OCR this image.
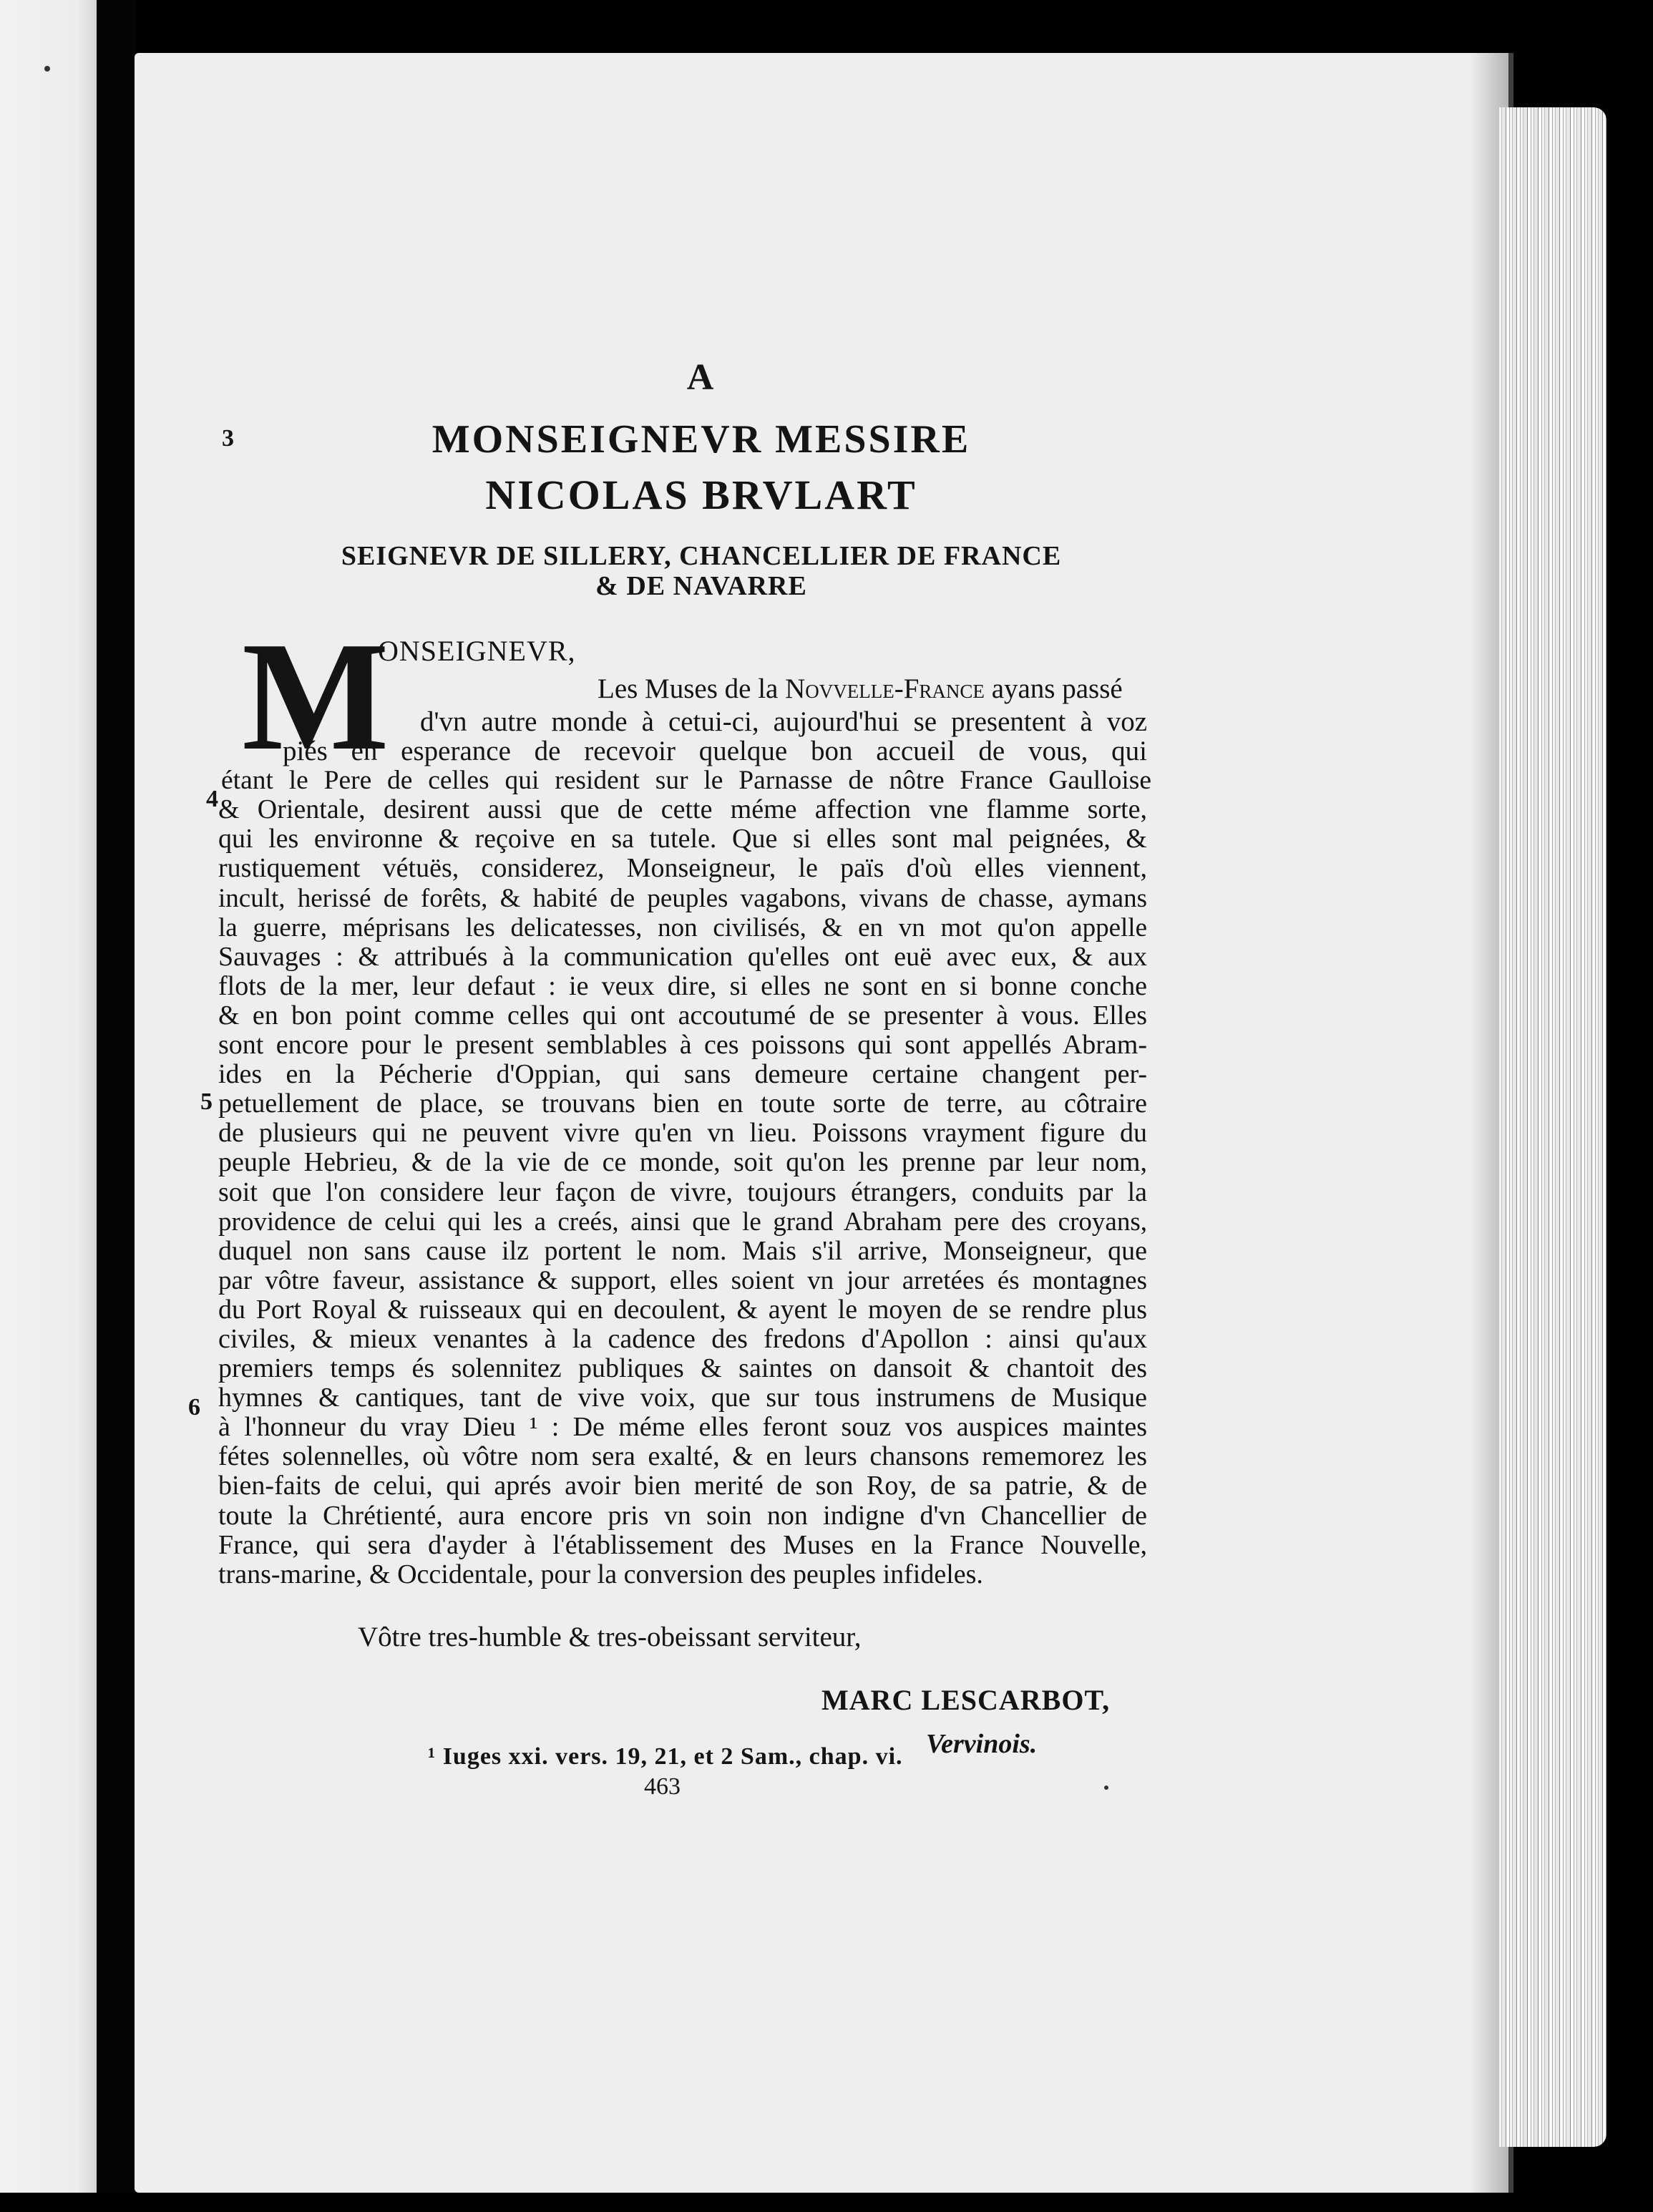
A
MONSEIGNEVR MESSIRE
NICOLAS BRVLART
SEIGNEVR DE SILLERY, CHANCELLIER DE FRANCE
& DE NAVARRE
3
4
5
6
M
ONSEIGNEVR,
Les Muses de la Novvelle-France ayans passé
d'vn autre monde à cetui-ci, aujourd'hui se presentent à voz
piés en esperance de recevoir quelque bon accueil de vous, qui
étant le Pere de celles qui resident sur le Parnasse de nôtre France Gaulloise
& Orientale, desirent aussi que de cette méme affection vne flamme sorte,
qui les environne & reçoive en sa tutele. Que si elles sont mal peignées, &
rustiquement vétuës, considerez, Monseigneur, le païs d'où elles viennent,
incult, herissé de forêts, & habité de peuples vagabons, vivans de chasse, aymans
la guerre, méprisans les delicatesses, non civilisés, & en vn mot qu'on appelle
Sauvages : & attribués à la communication qu'elles ont euë avec eux, & aux
flots de la mer, leur defaut : ie veux dire, si elles ne sont en si bonne conche
& en bon point comme celles qui ont accoutumé de se presenter à vous. Elles
sont encore pour le present semblables à ces poissons qui sont appellés Abram-
ides en la Pécherie d'Oppian, qui sans demeure certaine changent per-
petuellement de place, se trouvans bien en toute sorte de terre, au côtraire
de plusieurs qui ne peuvent vivre qu'en vn lieu. Poissons vrayment figure du
peuple Hebrieu, & de la vie de ce monde, soit qu'on les prenne par leur nom,
soit que l'on considere leur façon de vivre, toujours étrangers, conduits par la
providence de celui qui les a creés, ainsi que le grand Abraham pere des croyans,
duquel non sans cause ilz portent le nom. Mais s'il arrive, Monseigneur, que
par vôtre faveur, assistance & support, elles soient vn jour arretées és montagnes
du Port Royal & ruisseaux qui en decoulent, & ayent le moyen de se rendre plus
civiles, & mieux venantes à la cadence des fredons d'Apollon : ainsi qu'aux
premiers temps és solennitez publiques & saintes on dansoit & chantoit des
hymnes & cantiques, tant de vive voix, que sur tous instrumens de Musique
à l'honneur du vray Dieu ¹ : De méme elles feront souz vos auspices maintes
fétes solennelles, où vôtre nom sera exalté, & en leurs chansons rememorez les
bien-faits de celui, qui aprés avoir bien merité de son Roy, de sa patrie, & de
toute la Chrétienté, aura encore pris vn soin non indigne d'vn Chancellier de
France, qui sera d'ayder à l'établissement des Muses en la France Nouvelle,
trans-marine, & Occidentale, pour la conversion des peuples infideles.
Vôtre tres-humble & tres-obeissant serviteur,
MARC LESCARBOT,
Vervinois.
¹ Iuges xxi. vers. 19, 21, et 2 Sam., chap. vi.
463
